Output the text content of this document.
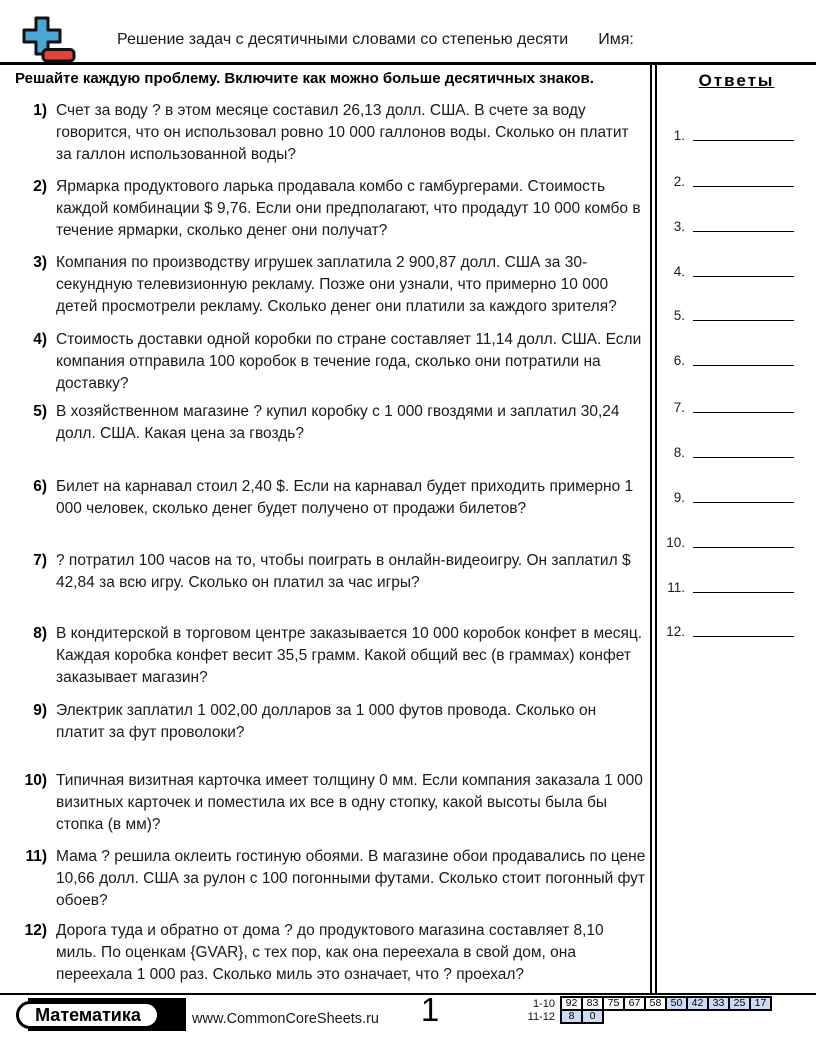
Решение задач с десятичными словами со степенью десяти Имя:
Решайте каждую проблему. Включите как можно больше десятичных знаков.
1) Счет за воду ? в этом месяце составил 26,13 долл. США. В счете за воду говорится, что он использовал ровно 10 000 галлонов воды. Сколько он платит за галлон использованной воды?
2) Ярмарка продуктового ларька продавала комбо с гамбургерами. Стоимость каждой комбинации $ 9,76. Если они предполагают, что продадут 10 000 комбо в течение ярмарки, сколько денег они получат?
3) Компания по производству игрушек заплатила 2 900,87 долл. США за 30-секундную телевизионную рекламу. Позже они узнали, что примерно 10 000 детей просмотрели рекламу. Сколько денег они платили за каждого зрителя?
4) Стоимость доставки одной коробки по стране составляет 11,14 долл. США. Если компания отправила 100 коробок в течение года, сколько они потратили на доставку?
5) В хозяйственном магазине ? купил коробку с 1 000 гвоздями и заплатил 30,24 долл. США. Какая цена за гвоздь?
6) Билет на карнавал стоил 2,40 $. Если на карнавал будет приходить примерно 1 000 человек, сколько денег будет получено от продажи билетов?
7) ? потратил 100 часов на то, чтобы поиграть в онлайн-видеоигру. Он заплатил $ 42,84 за всю игру. Сколько он платил за час игры?
8) В кондитерской в торговом центре заказывается 10 000 коробок конфет в месяц. Каждая коробка конфет весит 35,5 грамм. Какой общий вес (в граммах) конфет заказывает магазин?
9) Электрик заплатил 1 002,00 долларов за 1 000 футов провода. Сколько он платит за фут проволоки?
10) Типичная визитная карточка имеет толщину 0 мм. Если компания заказала 1 000 визитных карточек и поместила их все в одну стопку, какой высоты была бы стопка (в мм)?
11) Мама ? решила оклеить гостиную обоями. В магазине обои продавались по цене 10,66 долл. США за рулон с 100 погонными футами. Сколько стоит погонный фут обоев?
12) Дорога туда и обратно от дома ? до продуктового магазина составляет 8,10 миль. По оценкам {GVAR}, с тех пор, как она переехала в свой дом, она переехала 1 000 раз. Сколько миль это означает, что ? проехал?
Ответы
1.
2.
3.
4.
5.
6.
7.
8.
9.
10.
11.
12.
Математика	www.CommonCoreSheets.ru	1	1-10	92 83 75 67 58 50 42 33 25 17
11-12	8	0
